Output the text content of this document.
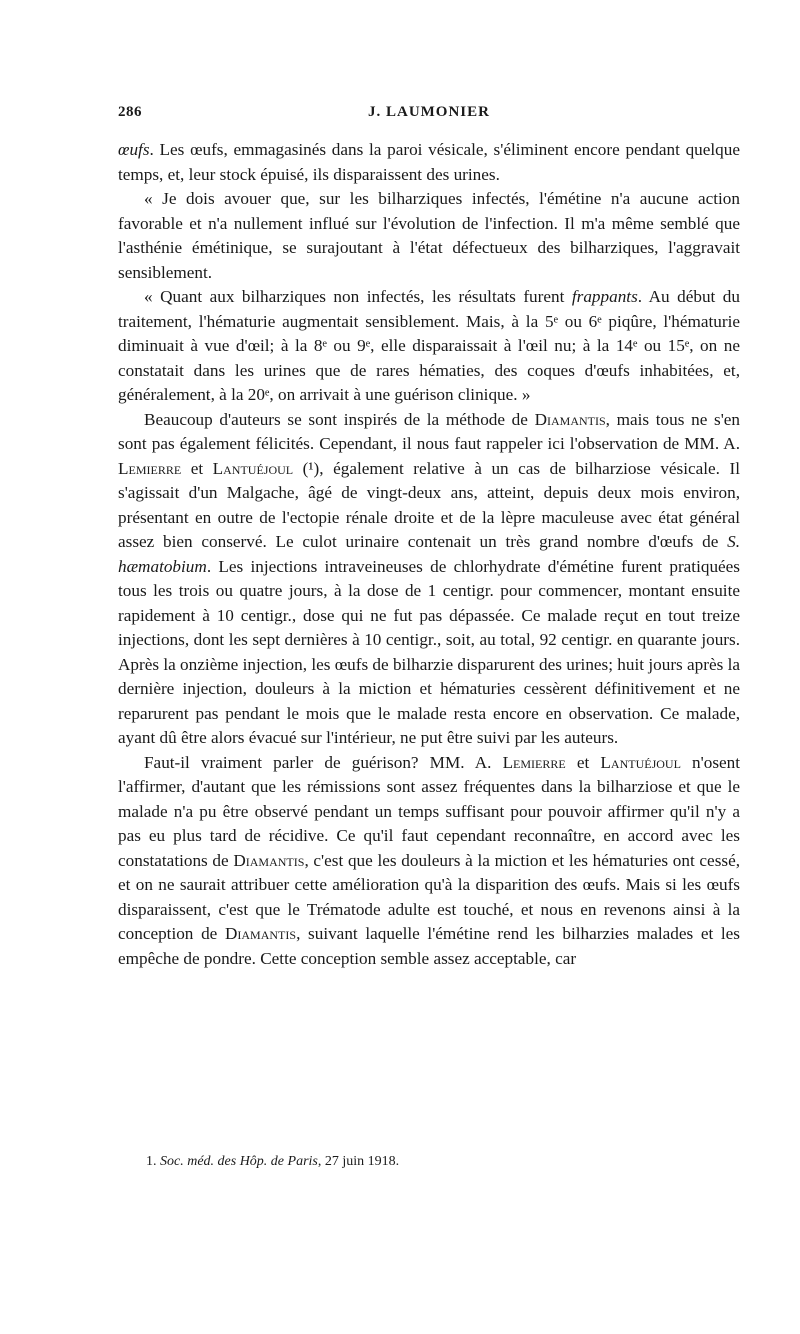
286	J. LAUMONIER

œufs. Les œufs, emmagasinés dans la paroi vésicale, s'éliminent encore pendant quelque temps, et, leur stock épuisé, ils disparaissent des urines.

« Je dois avouer que, sur les bilharziques infectés, l'émétine n'a aucune action favorable et n'a nullement influé sur l'évolution de l'infection. Il m'a même semblé que l'asthénie émétinique, se surajoutant à l'état défectueux des bilharziques, l'aggravait sensiblement.

« Quant aux bilharziques non infectés, les résultats furent frappants. Au début du traitement, l'hématurie augmentait sensiblement. Mais, à la 5ᵉ ou 6ᵉ piqûre, l'hématurie diminuait à vue d'œil; à la 8ᵉ ou 9ᵉ, elle disparaissait à l'œil nu; à la 14ᵉ ou 15ᵉ, on ne constatait dans les urines que de rares hématies, des coques d'œufs inhabitées, et, généralement, à la 20ᵉ, on arrivait à une guérison clinique. »

Beaucoup d'auteurs se sont inspirés de la méthode de Diamantis, mais tous ne s'en sont pas également félicités. Cependant, il nous faut rappeler ici l'observation de MM. A. Lemierre et Lantuéjoul (¹), également relative à un cas de bilharziose vésicale. Il s'agissait d'un Malgache, âgé de vingt-deux ans, atteint, depuis deux mois environ, présentant en outre de l'ectopie rénale droite et de la lèpre maculeuse avec état général assez bien conservé. Le culot urinaire contenait un très grand nombre d'œufs de S. hæmatobium. Les injections intraveineuses de chlorhydrate d'émétine furent pratiquées tous les trois ou quatre jours, à la dose de 1 centigr. pour commencer, montant ensuite rapidement à 10 centigr., dose qui ne fut pas dépassée. Ce malade reçut en tout treize injections, dont les sept dernières à 10 centigr., soit, au total, 92 centigr. en quarante jours. Après la onzième injection, les œufs de bilharzie disparurent des urines; huit jours après la dernière injection, douleurs à la miction et hématuries cessèrent définitivement et ne reparurent pas pendant le mois que le malade resta encore en observation. Ce malade, ayant dû être alors évacué sur l'intérieur, ne put être suivi par les auteurs.

Faut-il vraiment parler de guérison? MM. A. Lemierre et Lantuéjoul n'osent l'affirmer, d'autant que les rémissions sont assez fréquentes dans la bilharziose et que le malade n'a pu être observé pendant un temps suffisant pour pouvoir affirmer qu'il n'y a pas eu plus tard de récidive. Ce qu'il faut cependant reconnaître, en accord avec les constatations de Diamantis, c'est que les douleurs à la miction et les hématuries ont cessé, et on ne saurait attribuer cette amélioration qu'à la disparition des œufs. Mais si les œufs disparaissent, c'est que le Trématode adulte est touché, et nous en revenons ainsi à la conception de Diamantis, suivant laquelle l'émétine rend les bilharzies malades et les empêche de pondre. Cette conception semble assez acceptable, car

1. Soc. méd. des Hôp. de Paris, 27 juin 1918.
